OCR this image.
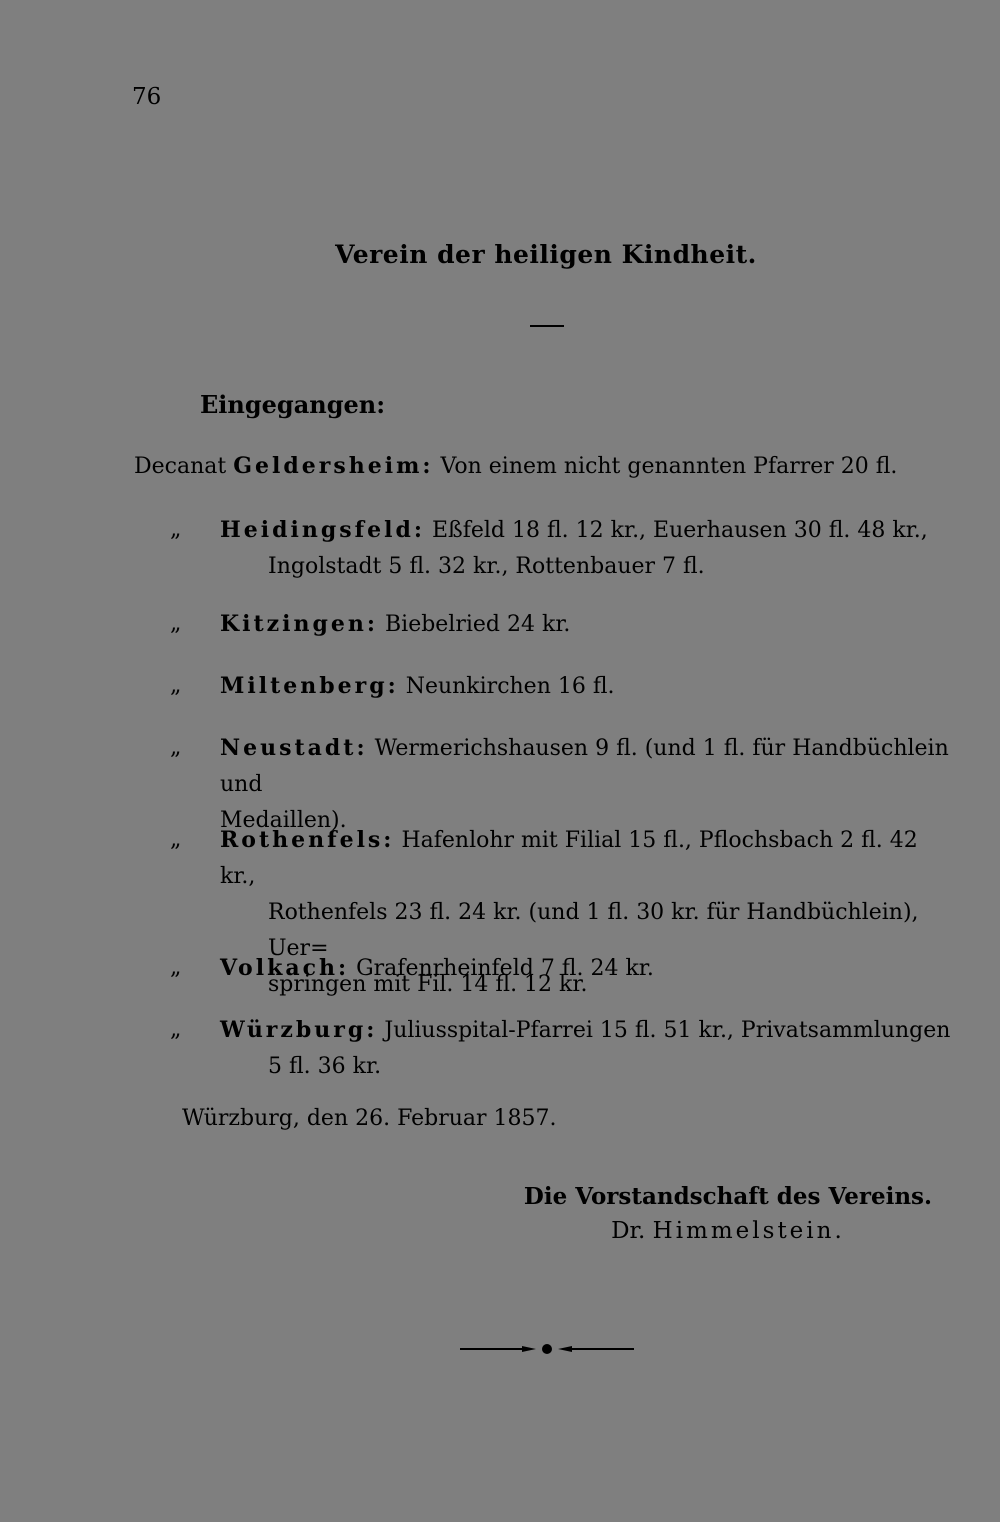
76
Verein der heiligen Kindheit.
Eingegangen:
Decanat Geldersheim: Von einem nicht genannten Pfarrer 20 fl.
„	Heidingsfeld: Eßfeld 18 fl. 12 kr., Euerhausen 30 fl. 48 kr.,
Ingolstadt 5 fl. 32 kr., Rottenbauer 7 fl.
„	Kitzingen: Biebelried 24 kr.
„	Miltenberg: Neunkirchen 16 fl.
„	Neustadt: Wermerichshausen 9 fl. (und 1 fl. für Handbüchlein und
Medaillen).
„	Rothenfels: Hafenlohr mit Filial 15 fl., Pflochsbach 2 fl. 42 kr.,
Rothenfels 23 fl. 24 kr. (und 1 fl. 30 kr. für Handbüchlein), Uer=
springen mit Fil. 14 fl. 12 kr.
„	Volkach: Grafenrheinfeld 7 fl. 24 kr.
„	Würzburg: Juliusspital-Pfarrei 15 fl. 51 kr., Privatsammlungen
5 fl. 36 kr.
Würzburg, den 26. Februar 1857.
Die Vorstandschaft des Vereins.
Dr. Himmelstein.
